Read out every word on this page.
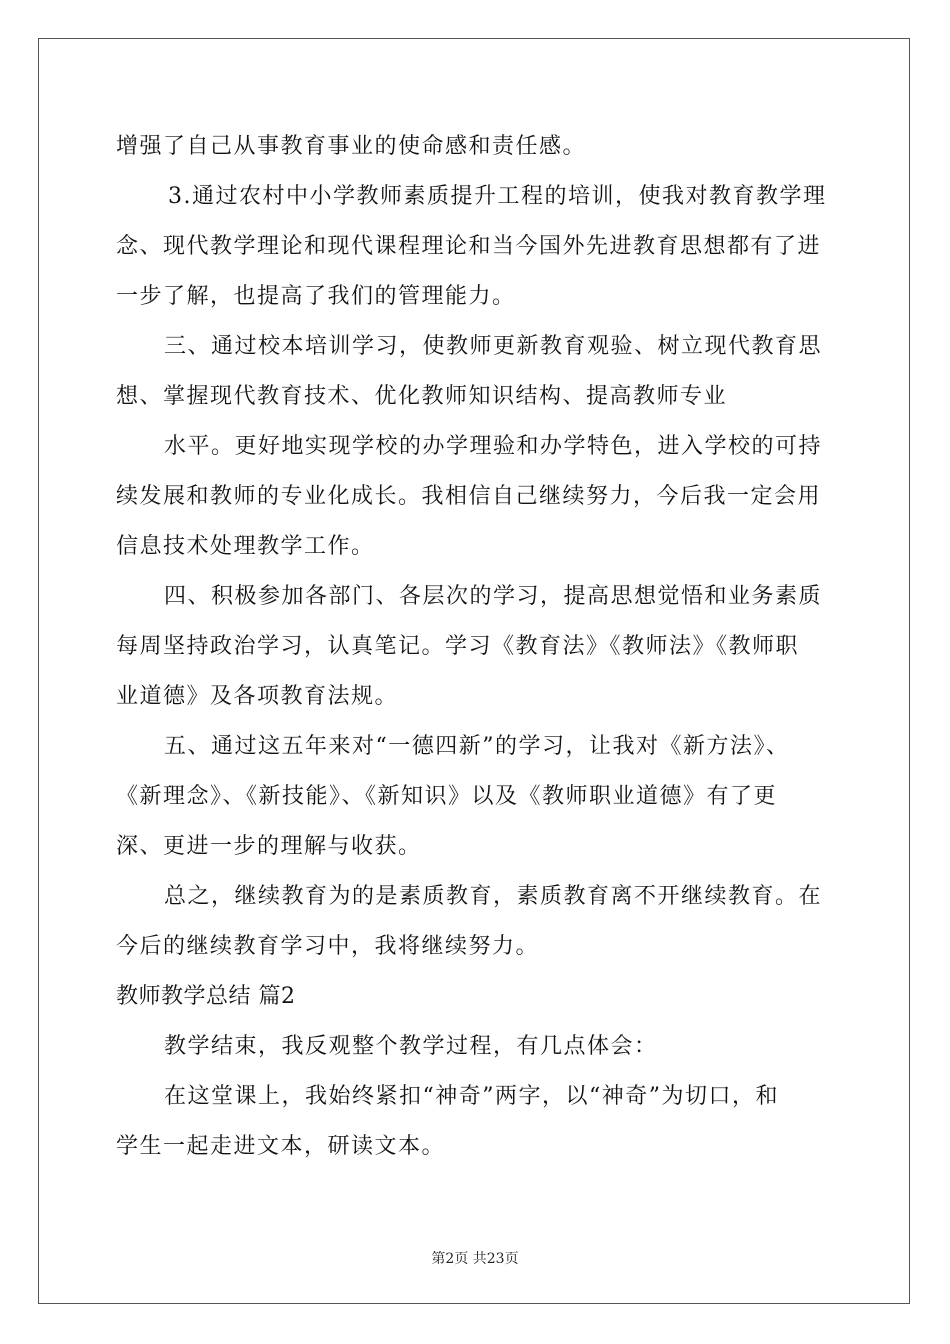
增强了自己从事教育事业的使命感和责任感。
3.通过农村中小学教师素质提升工程的培训，使我对教育教学理
念、现代教学理论和现代课程理论和当今国外先进教育思想都有了进
一步了解，也提高了我们的管理能力。
三、通过校本培训学习，使教师更新教育观验、树立现代教育思
想、掌握现代教育技术、优化教师知识结构、提高教师专业
水平。更好地实现学校的办学理验和办学特色，进入学校的可持
续发展和教师的专业化成长。我相信自己继续努力，今后我一定会用
信息技术处理教学工作。
四、积极参加各部门、各层次的学习，提高思想觉悟和业务素质
每周坚持政治学习，认真笔记。学习《教育法》《教师法》《教师职
业道德》及各项教育法规。
五、通过这五年来对“一德四新”的学习，让我对《新方法》、
《新理念》、《新技能》、《新知识》以及《教师职业道德》有了更
深、更进一步的理解与收获。
总之，继续教育为的是素质教育，素质教育离不开继续教育。在
今后的继续教育学习中，我将继续努力。
教师教学总结 篇2
教学结束，我反观整个教学过程，有几点体会：
在这堂课上，我始终紧扣“神奇”两字，以“神奇”为切口，和
学生一起走进文本，研读文本。
第2页 共23页
